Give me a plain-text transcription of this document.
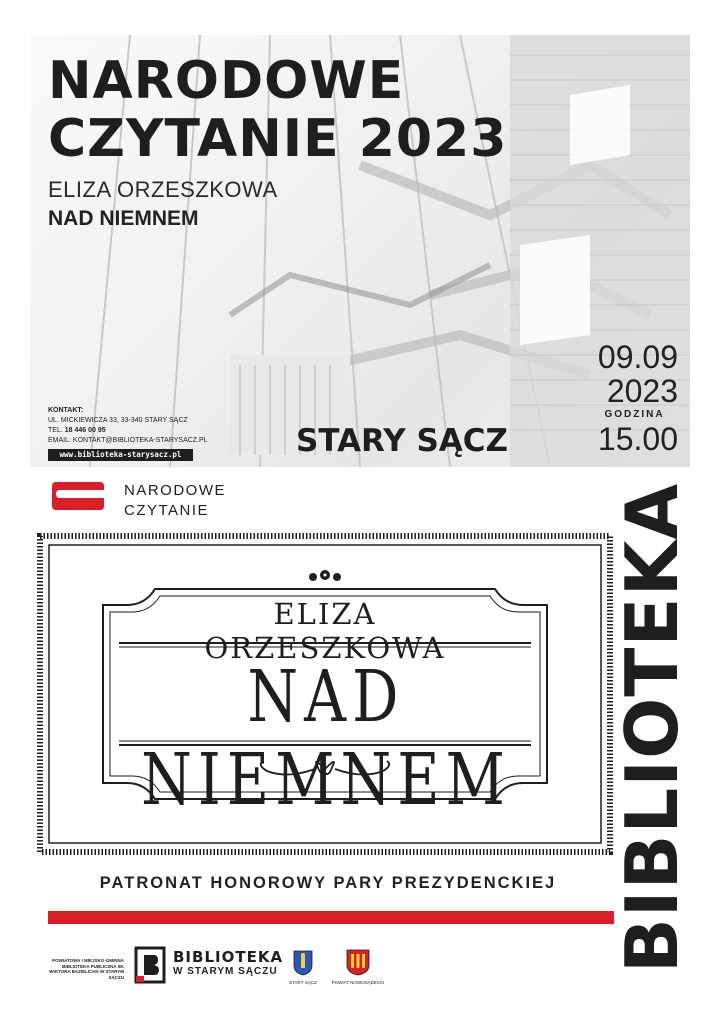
NARODOWE
CZYTANIE 2023
ELIZA ORZESZKOWA
NAD NIEMNEM
KONTAKT:
UL. MICKIEWICZA 33, 33-340 STARY SĄCZ
TEL. 18 446 00 95
EMAIL: KONTAKT@BIBLIOTEKA-STARYSACZ.PL
www.biblioteka-starysacz.pl	STARY SĄCZ
09.09
2023
GODZINA
15.00
NARODOWE
CZYTANIE
ELIZA ORZESZKOWA
NAD NIEMNEM
PATRONAT HONOROWY PARY PREZYDENCKIEJ BIBLIOTEKA
POWIATOWA I MIEJSKO-GMINNA BIBLIOTEKA PUBLICZNA IM. WIKTORA BAZIELICHA W STARYM SĄCZU
BIBLIOTEKA
W STARYM SĄCZU
STARY SĄCZ	POWIAT NOWOSĄDECKI
